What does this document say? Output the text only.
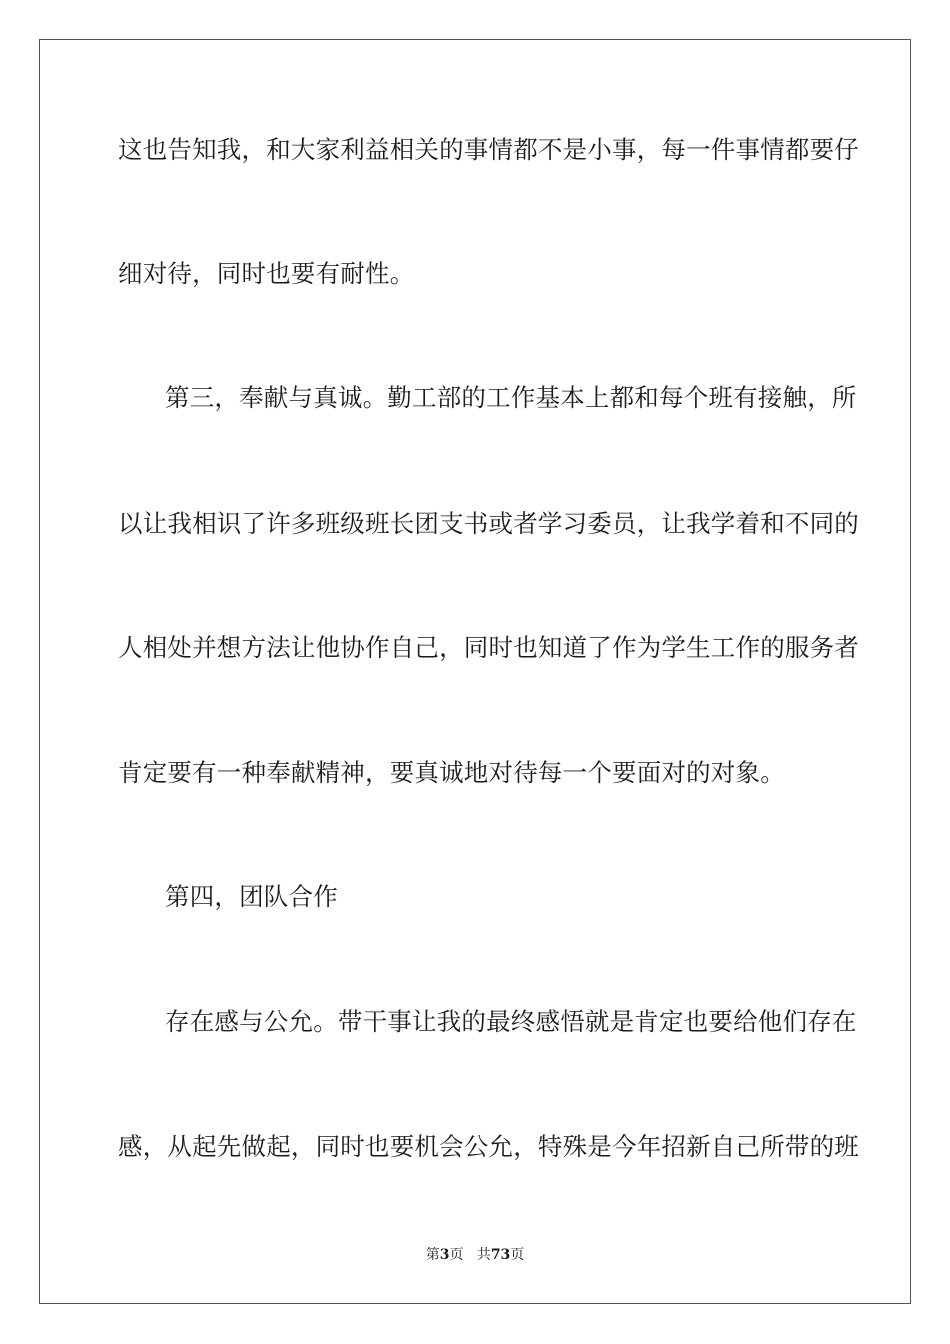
这也告知我，和大家利益相关的事情都不是小事，每一件事情都要仔
细对待，同时也要有耐性。
第三，奉献与真诚。勤工部的工作基本上都和每个班有接触，所
以让我相识了许多班级班长团支书或者学习委员，让我学着和不同的
人相处并想方法让他协作自己，同时也知道了作为学生工作的服务者
肯定要有一种奉献精神，要真诚地对待每一个要面对的对象。
第四，团队合作
存在感与公允。带干事让我的最终感悟就是肯定也要给他们存在
感，从起先做起，同时也要机会公允，特殊是今年招新自己所带的班
第3页 共73页
